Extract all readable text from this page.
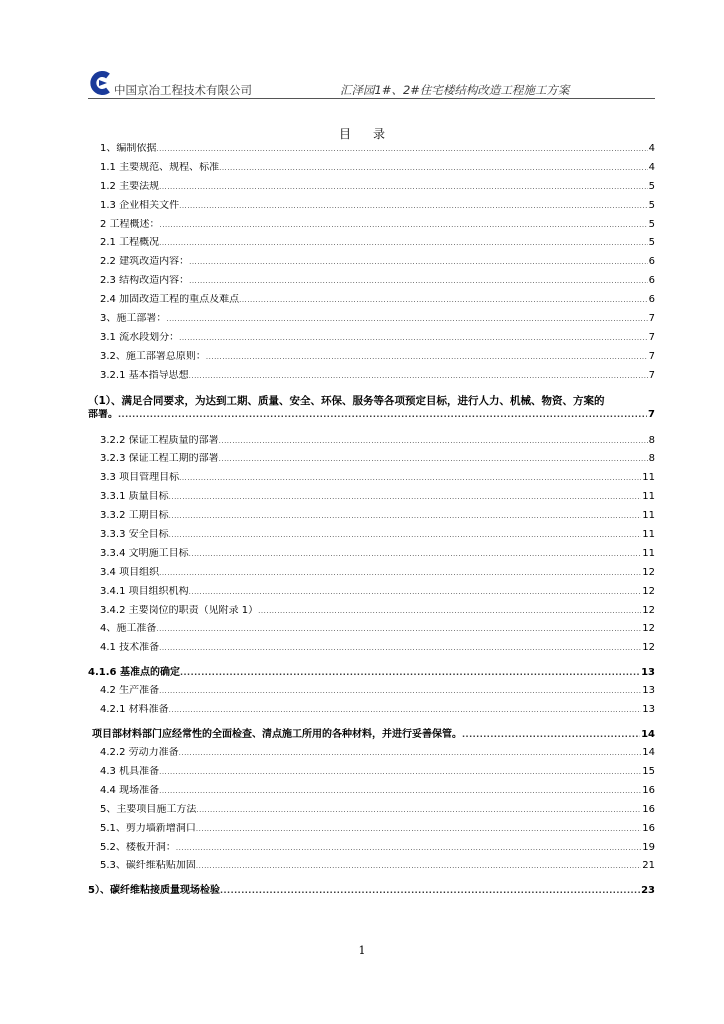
中国京冶工程技术有限公司	汇泽园1#、2#住宅楼结构改造工程施工方案
目 录
1、编制依据 .....	4
1.1 主要规范、规程、标准 .....	4
1.2 主要法规 .....	5
1.3 企业相关文件 .....	5
2 工程概述： .....	5
2.1 工程概况 .....	5
2.2 建筑改造内容： .....	6
2.3 结构改造内容： .....	6
2.4 加固改造工程的重点及难点 .....	6
3、施工部署： .....	7
3.1 流水段划分： .....	7
3.2、施工部署总原则： .....	7
3.2.1 基本指导思想 .....	7
（1）、满足合同要求，为达到工期、质量、安全、环保、服务等各项预定目标，进行人力、机械、物资、方案的
部署。 .....	7
3.2.2 保证工程质量的部署 .....	8
3.2.3 保证工程工期的部署 .....	8
3.3 项目管理目标 .....	11
3.3.1 质量目标 .....	11
3.3.2 工期目标 .....	11
3.3.3 安全目标 .....	11
3.3.4 文明施工目标 .....	11
3.4 项目组织 .....	12
3.4.1 项目组织机构 .....	12
3.4.2 主要岗位的职责（见附录 1） .....	12
4、施工准备 .....	12
4.1 技术准备 .....	12
4.1.6 基准点的确定 .....	13
4.2 生产准备 .....	13
4.2.1 材料准备 .....	13
项目部材料部门应经常性的全面检查、清点施工所用的各种材料，并进行妥善保管。 .....	14
4.2.2 劳动力准备 .....	14
4.3 机具准备 .....	15
4.4 现场准备 .....	16
5、主要项目施工方法 .....	16
5.1、剪力墙新增洞口 .....	16
5.2、楼板开洞： .....	19
5.3、碳纤维粘贴加固 .....	21
5）、碳纤维粘接质量现场检验 .....	23
1
